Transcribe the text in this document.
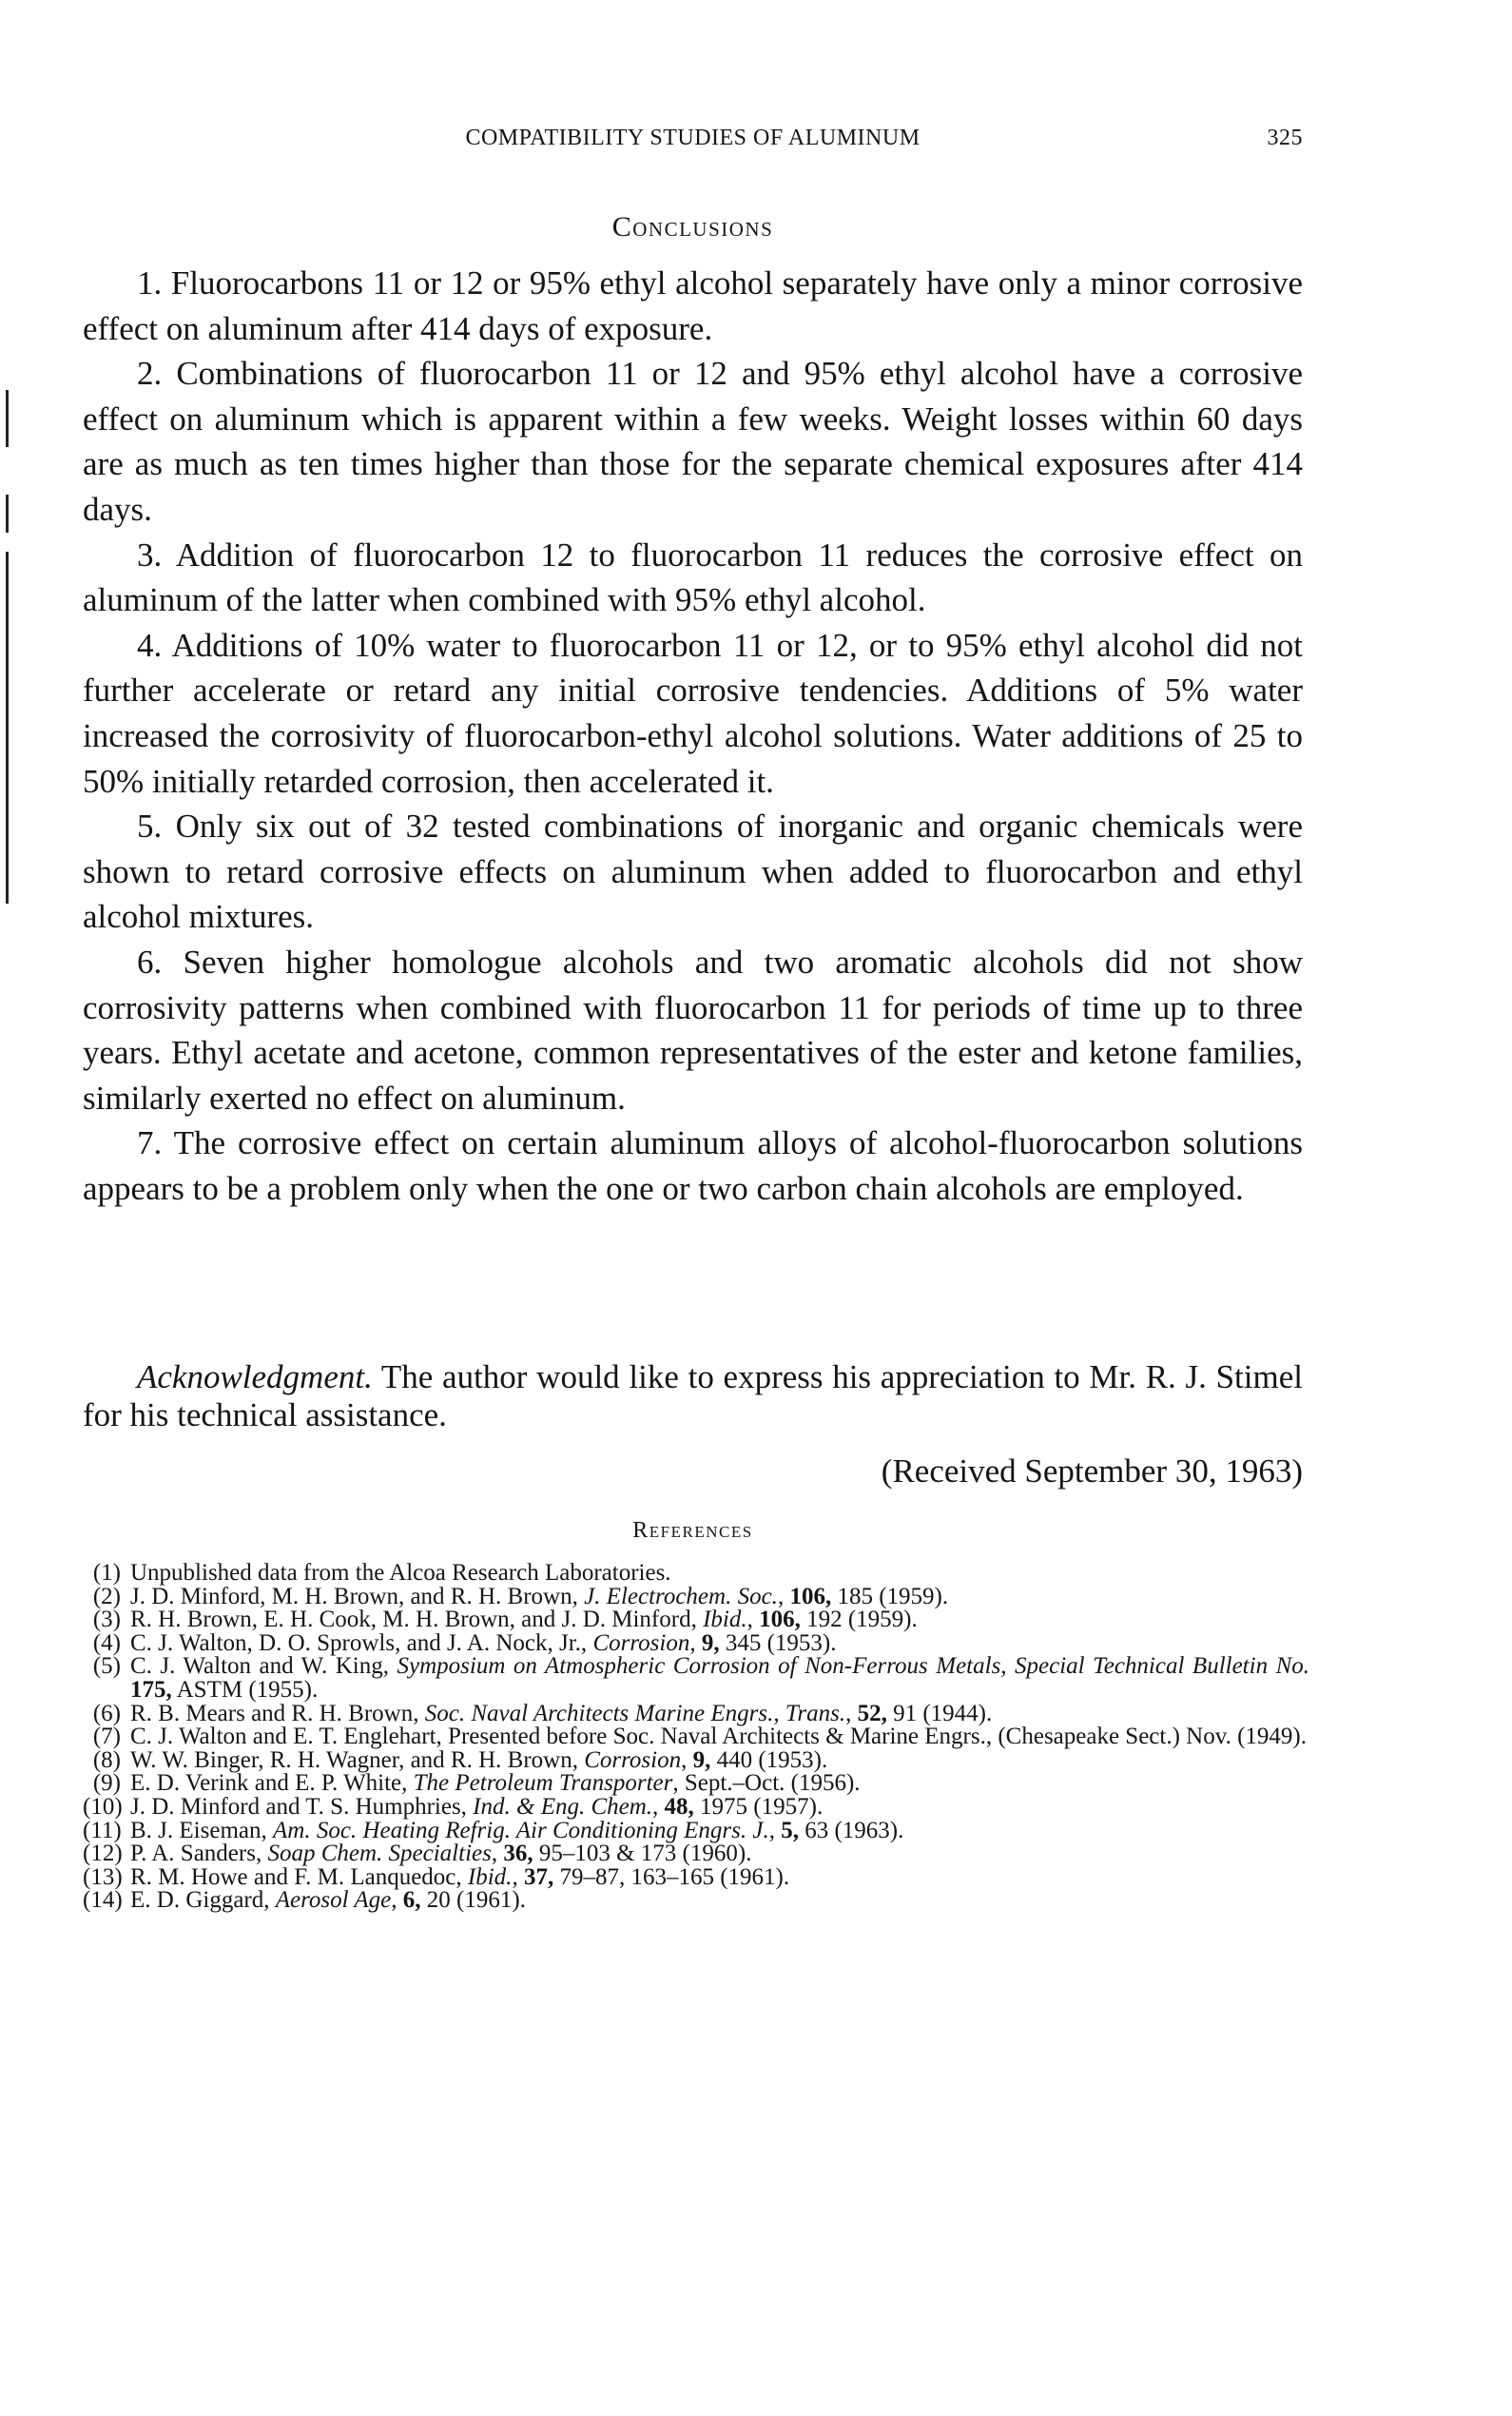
COMPATIBILITY STUDIES OF ALUMINUM	325
Conclusions

1. Fluorocarbons 11 or 12 or 95% ethyl alcohol separately have only a minor corrosive effect on aluminum after 414 days of exposure.

2. Combinations of fluorocarbon 11 or 12 and 95% ethyl alcohol have a corrosive effect on aluminum which is apparent within a few weeks. Weight losses within 60 days are as much as ten times higher than those for the separate chemical exposures after 414 days.

3. Addition of fluorocarbon 12 to fluorocarbon 11 reduces the corrosive effect on aluminum of the latter when combined with 95% ethyl alcohol.

4. Additions of 10% water to fluorocarbon 11 or 12, or to 95% ethyl alcohol did not further accelerate or retard any initial corrosive tendencies. Additions of 5% water increased the corrosivity of fluorocarbon-ethyl alcohol solutions. Water additions of 25 to 50% initially retarded corrosion, then accelerated it.

5. Only six out of 32 tested combinations of inorganic and organic chemicals were shown to retard corrosive effects on aluminum when added to fluorocarbon and ethyl alcohol mixtures.

6. Seven higher homologue alcohols and two aromatic alcohols did not show corrosivity patterns when combined with fluorocarbon 11 for periods of time up to three years. Ethyl acetate and acetone, common representatives of the ester and ketone families, similarly exerted no effect on aluminum.

7. The corrosive effect on certain aluminum alloys of alcohol-fluorocarbon solutions appears to be a problem only when the one or two carbon chain alcohols are employed.

Acknowledgment. The author would like to express his appreciation to Mr. R. J. Stimel for his technical assistance.
(Received September 30, 1963)
References
(1) Unpublished data from the Alcoa Research Laboratories.
(2) J. D. Minford, M. H. Brown, and R. H. Brown, J. Electrochem. Soc., 106, 185 (1959).
(3) R. H. Brown, E. H. Cook, M. H. Brown, and J. D. Minford, Ibid., 106, 192 (1959).
(4) C. J. Walton, D. O. Sprowls, and J. A. Nock, Jr., Corrosion, 9, 345 (1953).
(5) C. J. Walton and W. King, Symposium on Atmospheric Corrosion of Non-Ferrous Metals, Special Technical Bulletin No. 175, ASTM (1955).
(6) R. B. Mears and R. H. Brown, Soc. Naval Architects Marine Engrs., Trans., 52, 91 (1944).
(7) C. J. Walton and E. T. Englehart, Presented before Soc. Naval Architects & Marine Engrs., (Chesapeake Sect.) Nov. (1949).
(8) W. W. Binger, R. H. Wagner, and R. H. Brown, Corrosion, 9, 440 (1953).
(9) E. D. Verink and E. P. White, The Petroleum Transporter, Sept.–Oct. (1956).
(10) J. D. Minford and T. S. Humphries, Ind. & Eng. Chem., 48, 1975 (1957).
(11) B. J. Eiseman, Am. Soc. Heating Refrig. Air Conditioning Engrs. J., 5, 63 (1963).
(12) P. A. Sanders, Soap Chem. Specialties, 36, 95–103 & 173 (1960).
(13) R. M. Howe and F. M. Lanquedoc, Ibid., 37, 79–87, 163–165 (1961).
(14) E. D. Giggard, Aerosol Age, 6, 20 (1961).
